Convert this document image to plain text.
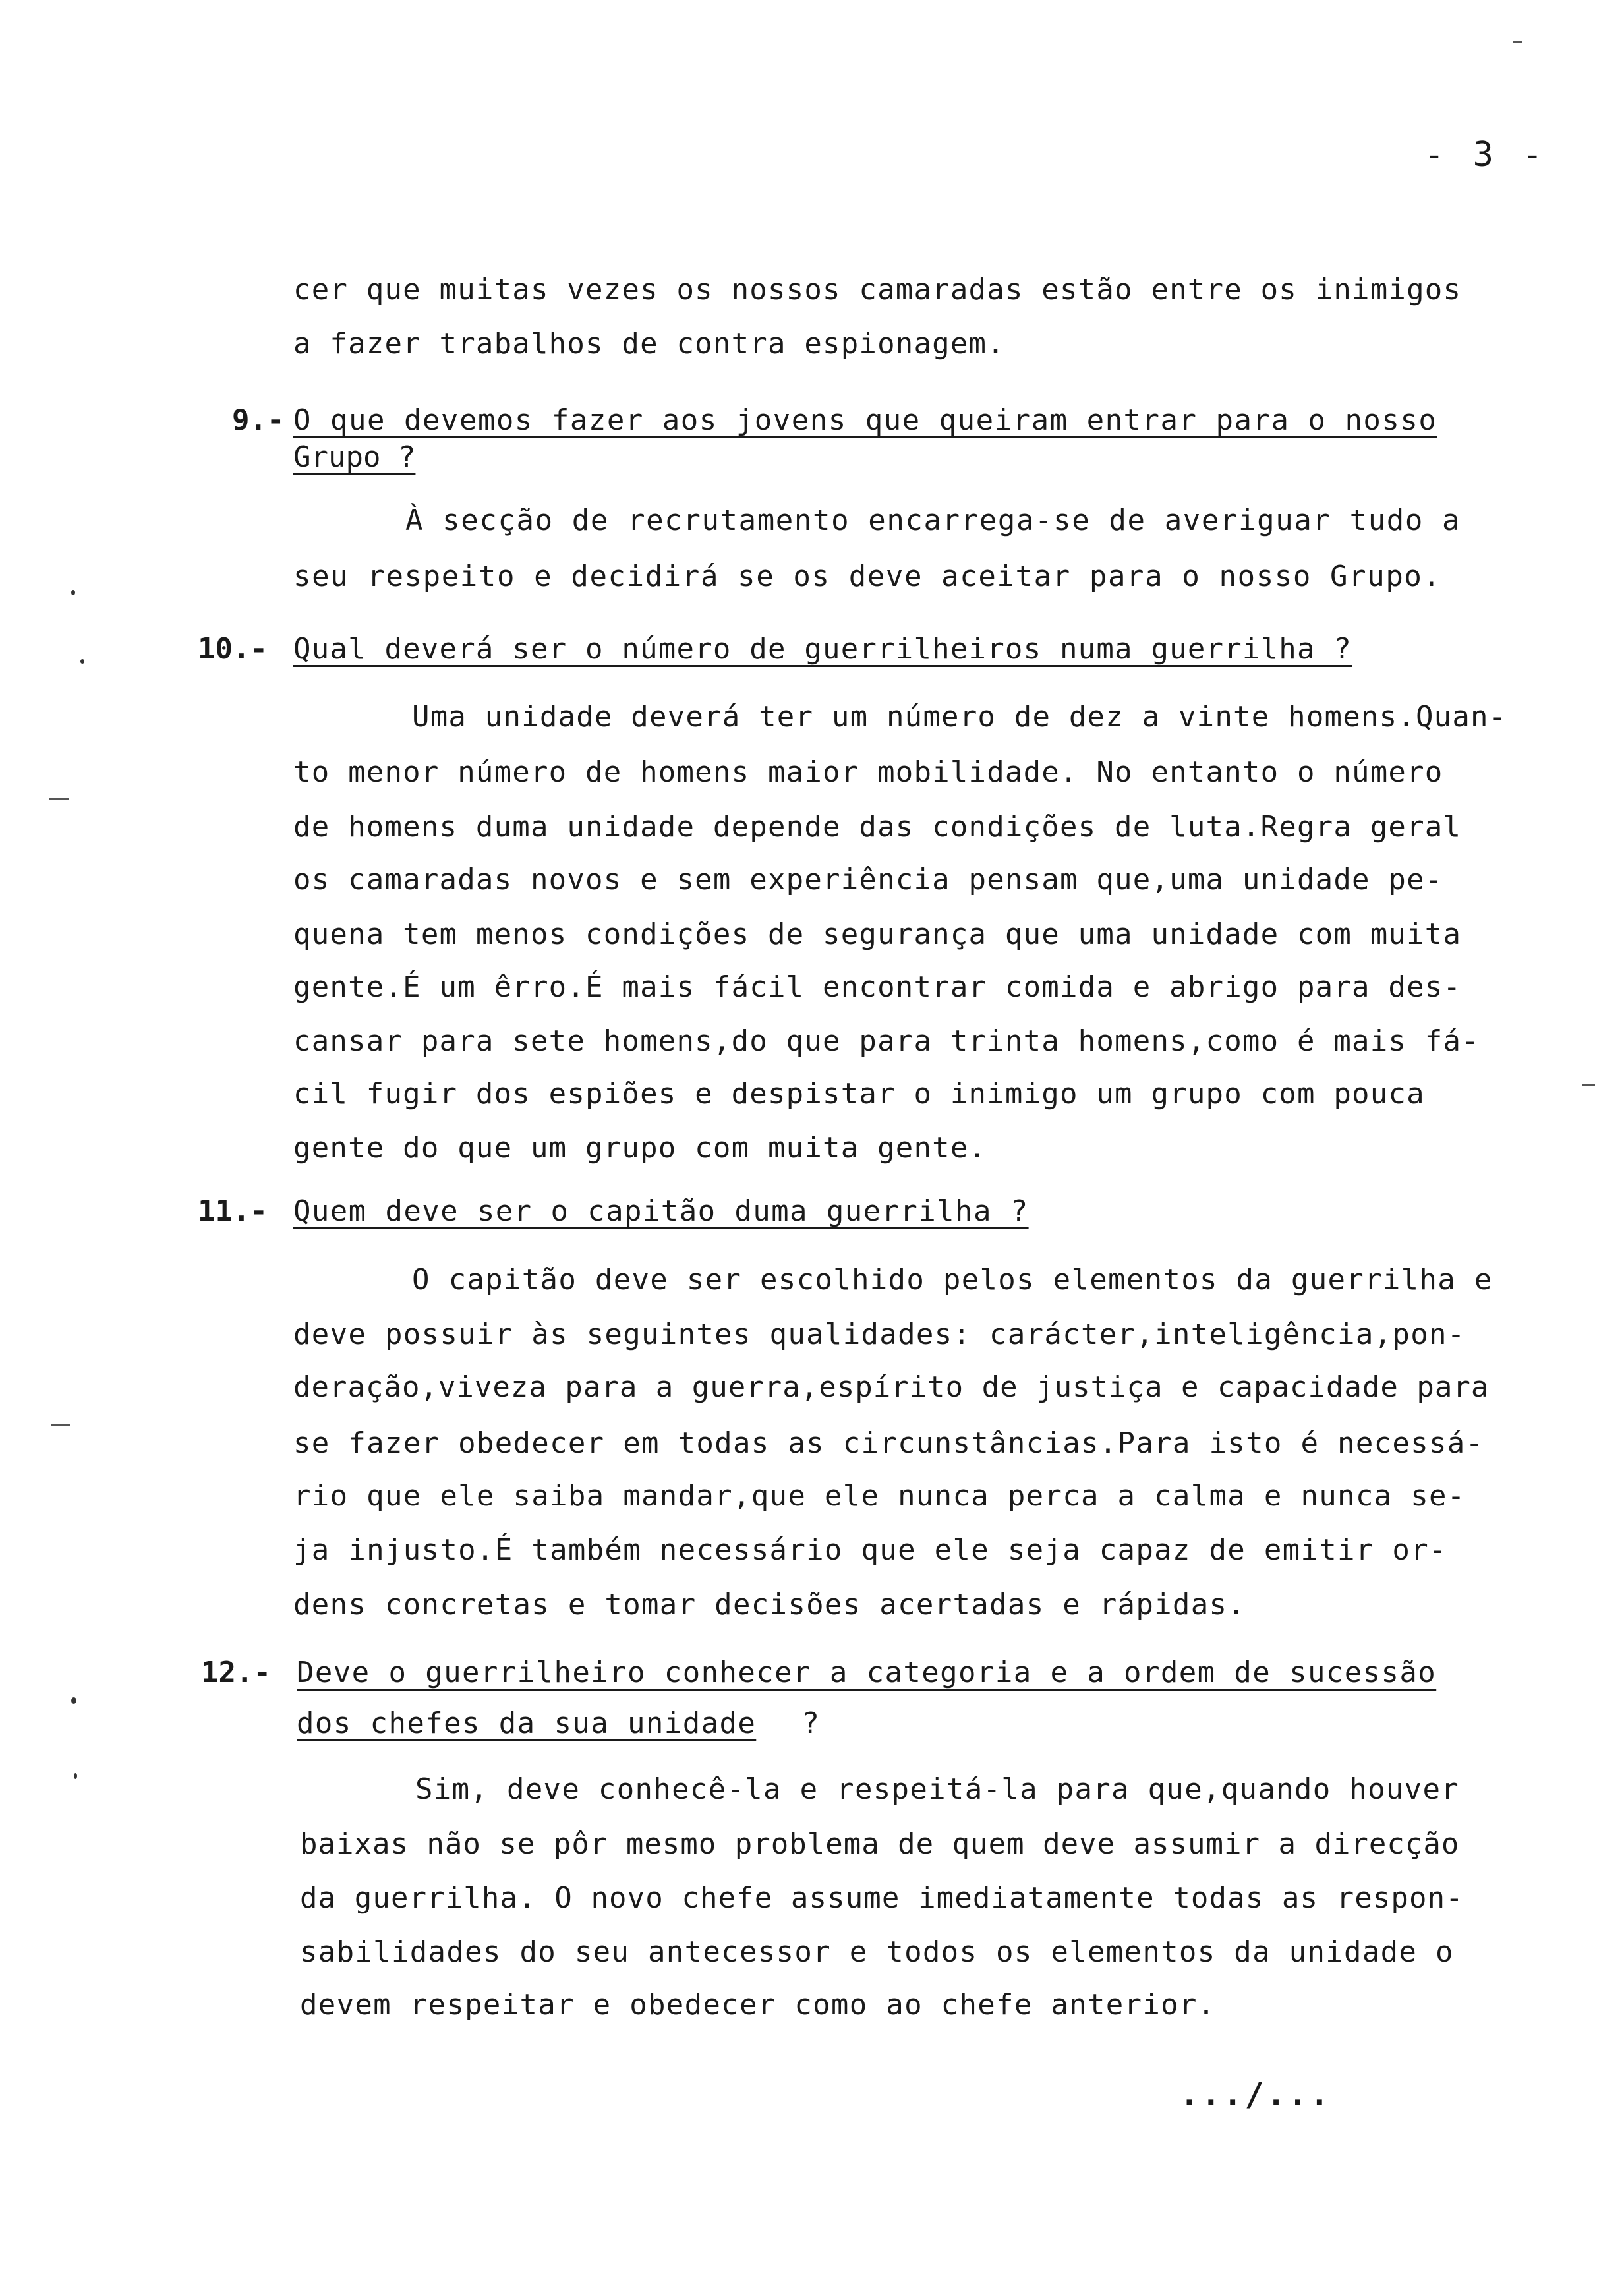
- 3 -
cer que muitas vezes os nossos camaradas estão entre os inimigos
a fazer trabalhos de contra espionagem.
9.- O que devemos fazer aos jovens que queiram entrar para o nosso
Grupo ?
À secção de recrutamento encarrega-se de averiguar tudo a
seu respeito e decidirá se os deve aceitar para o nosso Grupo.
10.- Qual deverá ser o número de guerrilheiros numa guerrilha ?
Uma unidade deverá ter um número de dez a vinte homens.Quan-
to menor número de homens maior mobilidade. No entanto o número
de homens duma unidade depende das condições de luta.Regra geral
os camaradas novos e sem experiência pensam que,uma unidade pe-
quena tem menos condições de segurança que uma unidade com muita
gente.É um êrro.É mais fácil encontrar comida e abrigo para des-
cansar para sete homens,do que para trinta homens,como é mais fá-
cil fugir dos espiões e despistar o inimigo um grupo com pouca
gente do que um grupo com muita gente.
11.- Quem deve ser o capitão duma guerrilha ?
O capitão deve ser escolhido pelos elementos da guerrilha e
deve possuir às seguintes qualidades: carácter,inteligência,pon-
deração,viveza para a guerra,espírito de justiça e capacidade para
se fazer obedecer em todas as circunstâncias.Para isto é necessá-
rio que ele saiba mandar,que ele nunca perca a calma e nunca se-
ja injusto.É também necessário que ele seja capaz de emitir or-
dens concretas e tomar decisões acertadas e rápidas.
12.- Deve o guerrilheiro conhecer a categoria e a ordem de sucessão
dos chefes da sua unidade ?
Sim, deve conhecê-la e respeitá-la para que,quando houver
baixas não se pôr mesmo problema de quem deve assumir a direcção
da guerrilha. O novo chefe assume imediatamente todas as respon-
sabilidades do seu antecessor e todos os elementos da unidade o
devem respeitar e obedecer como ao chefe anterior.
.../...
